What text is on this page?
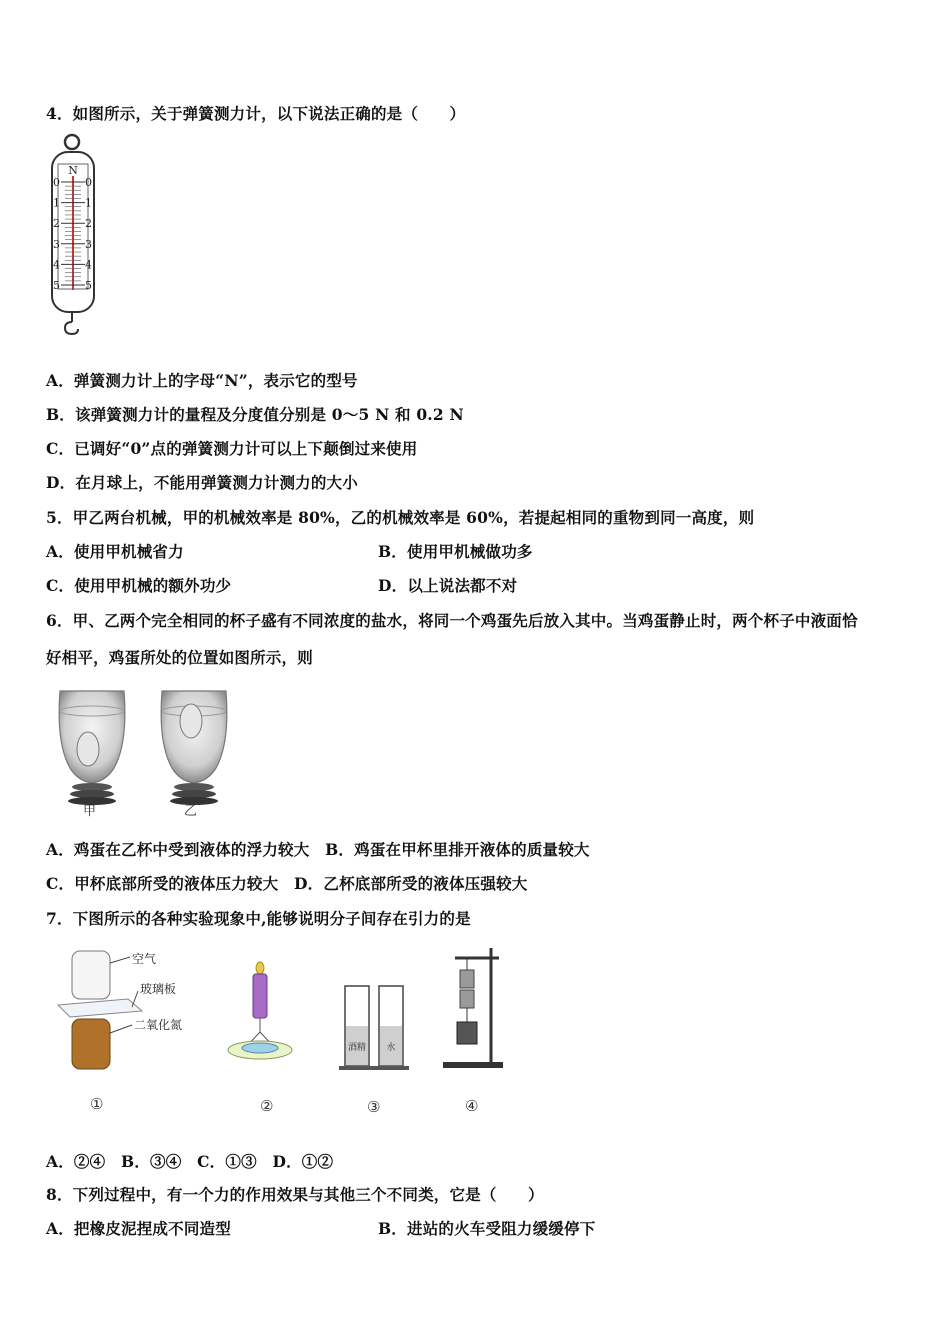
4．如图所示，关于弹簧测力计，以下说法正确的是（　　）
N
0 0
1 1
2 2
3 3
4 4
5 5
A．弹簧测力计上的字母“N”，表示它的型号
B．该弹簧测力计的量程及分度值分别是 0～5 N 和 0.2 N
C．已调好“0”点的弹簧测力计可以上下颠倒过来使用
D．在月球上，不能用弹簧测力计测力的大小
5．甲乙两台机械，甲的机械效率是 80%，乙的机械效率是 60%，若提起相同的重物到同一高度，则
A．使用甲机械省力	B．使用甲机械做功多
C．使用甲机械的额外功少	D．以上说法都不对
6．甲、乙两个完全相同的杯子盛有不同浓度的盐水，将同一个鸡蛋先后放入其中。当鸡蛋静止时，两个杯子中液面恰
好相平，鸡蛋所处的位置如图所示，则
甲	乙
A．鸡蛋在乙杯中受到液体的浮力较大　B．鸡蛋在甲杯里排开液体的质量较大
C．甲杯底部所受的液体压力较大　D．乙杯底部所受的液体压强较大
7．下图所示的各种实验现象中,能够说明分子间存在引力的是
空气
玻璃板
二氧化氮
酒精 水
①	②	③	④
A．②④　B．③④　C．①③　D．①②
8．下列过程中，有一个力的作用效果与其他三个不同类，它是（　　）
A．把橡皮泥捏成不同造型	B．进站的火车受阻力缓缓停下
